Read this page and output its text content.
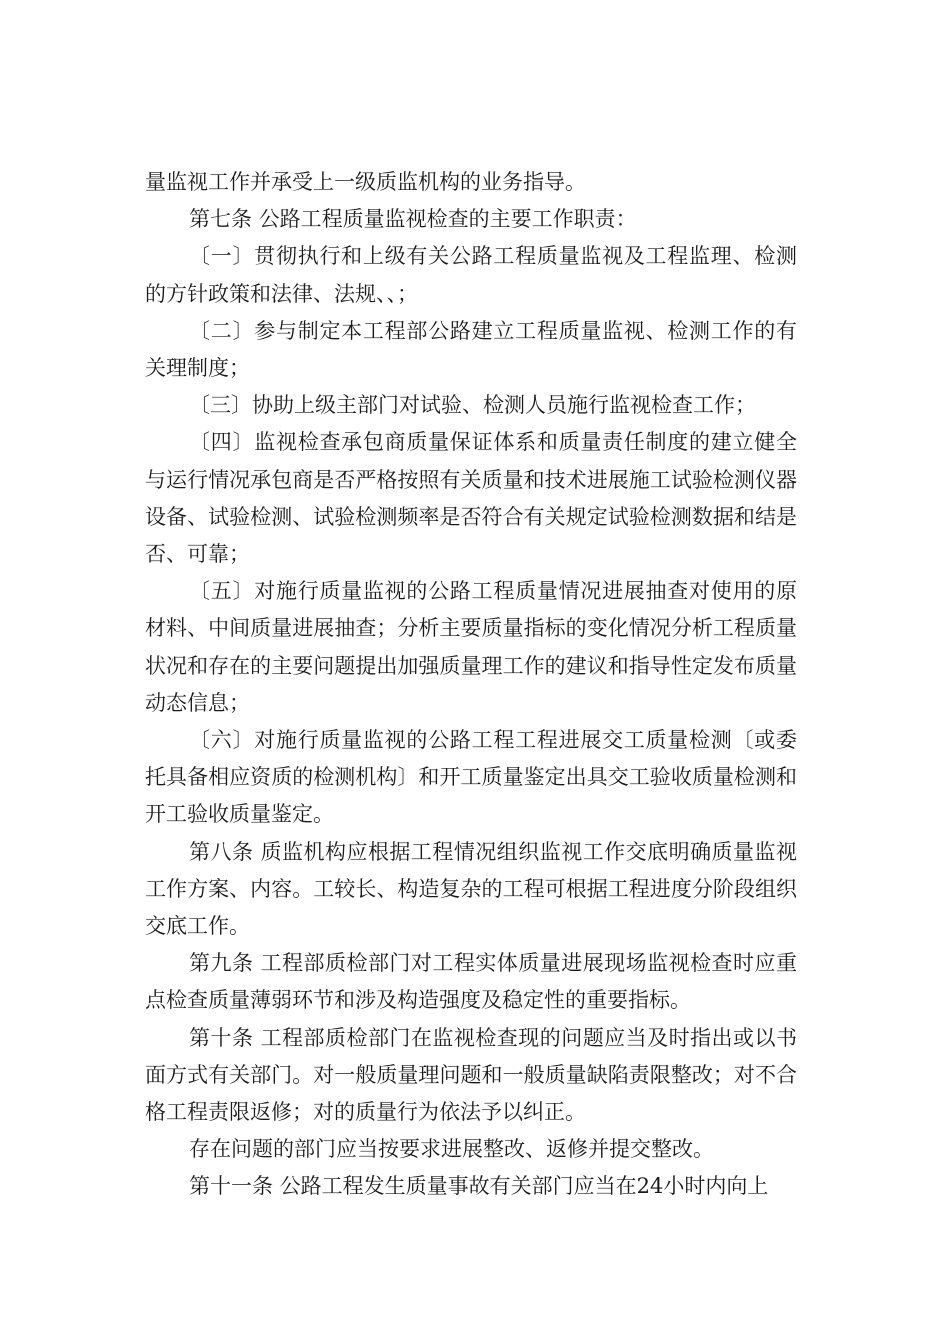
量监视工作并承受上一级质监机构的业务指导。

第七条 公路工程质量监视检查的主要工作职责：

〔一〕贯彻执行和上级有关公路工程质量监视及工程监理、检测的方针政策和法律、法规、、；

〔二〕参与制定本工程部公路建立工程质量监视、检测工作的有关理制度；

〔三〕协助上级主部门对试验、检测人员施行监视检查工作；

〔四〕监视检查承包商质量保证体系和质量责任制度的建立健全与运行情况承包商是否严格按照有关质量和技术进展施工试验检测仪器设备、试验检测、试验检测频率是否符合有关规定试验检测数据和结是否、可靠；

〔五〕对施行质量监视的公路工程质量情况进展抽查对使用的原材料、中间质量进展抽查；分析主要质量指标的变化情况分析工程质量状况和存在的主要问题提出加强质量理工作的建议和指导性定发布质量动态信息；

〔六〕对施行质量监视的公路工程工程进展交工质量检测〔或委托具备相应资质的检测机构〕和开工质量鉴定出具交工验收质量检测和开工验收质量鉴定。

第八条 质监机构应根据工程情况组织监视工作交底明确质量监视工作方案、内容。工较长、构造复杂的工程可根据工程进度分阶段组织交底工作。

第九条 工程部质检部门对工程实体质量进展现场监视检查时应重点检查质量薄弱环节和涉及构造强度及稳定性的重要指标。

第十条 工程部质检部门在监视检查现的问题应当及时指出或以书面方式有关部门。对一般质量理问题和一般质量缺陷责限整改；对不合格工程责限返修；对的质量行为依法予以纠正。

存在问题的部门应当按要求进展整改、返修并提交整改。

第十一条 公路工程发生质量事故有关部门应当在24小时内向上
